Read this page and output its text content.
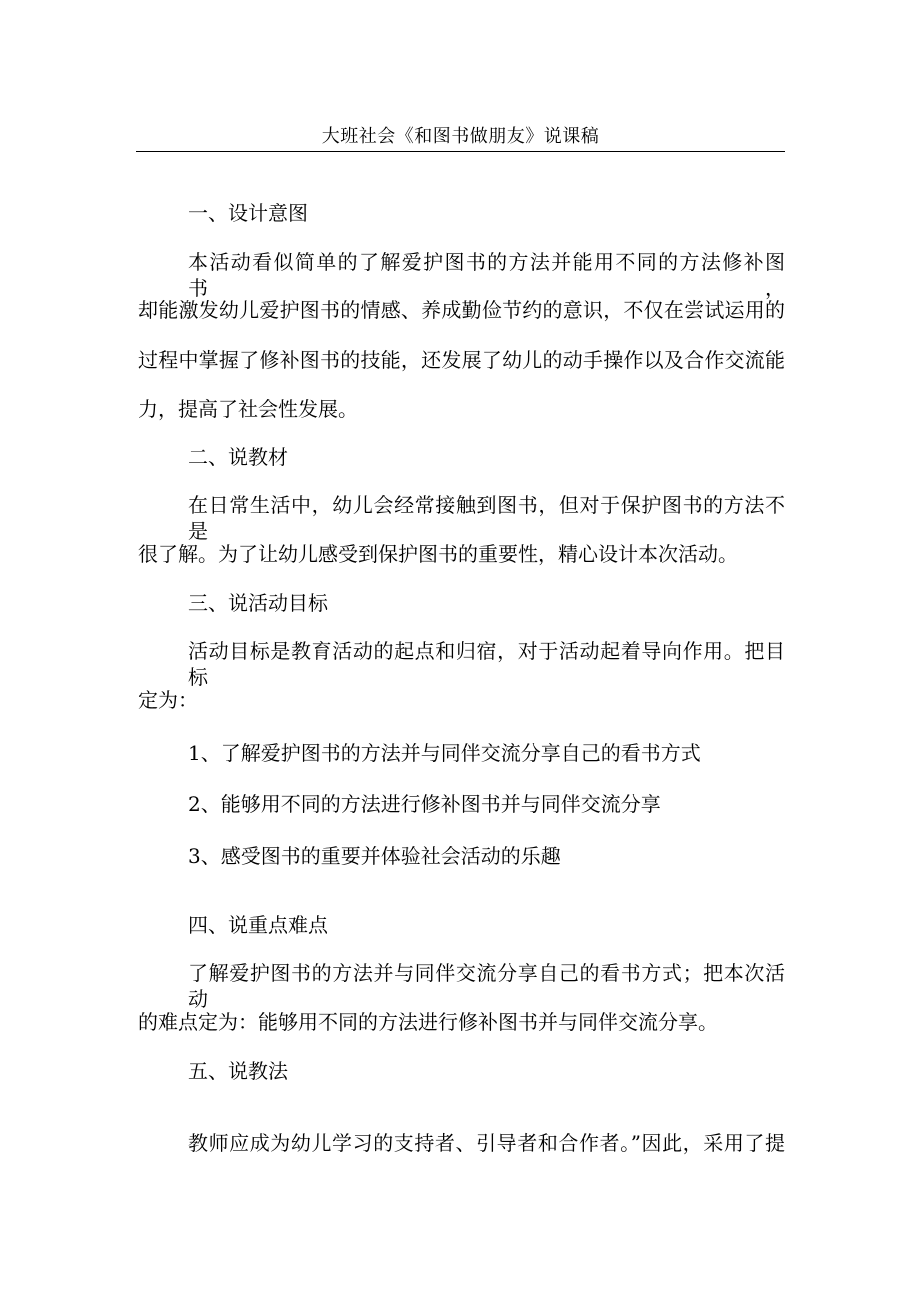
大班社会《和图书做朋友》说课稿
一、设计意图
本活动看似简单的了解爱护图书的方法并能用不同的方法修补图书，
却能激发幼儿爱护图书的情感、养成勤俭节约的意识，不仅在尝试运用的
过程中掌握了修补图书的技能，还发展了幼儿的动手操作以及合作交流能
力，提高了社会性发展。
二、说教材
在日常生活中，幼儿会经常接触到图书，但对于保护图书的方法不是
很了解。为了让幼儿感受到保护图书的重要性，精心设计本次活动。
三、说活动目标
活动目标是教育活动的起点和归宿，对于活动起着导向作用。把目标
定为：
1、了解爱护图书的方法并与同伴交流分享自己的看书方式
2、能够用不同的方法进行修补图书并与同伴交流分享
3、感受图书的重要并体验社会活动的乐趣
四、说重点难点
了解爱护图书的方法并与同伴交流分享自己的看书方式；把本次活动
的难点定为：能够用不同的方法进行修补图书并与同伴交流分享。
五、说教法
教师应成为幼儿学习的支持者、引导者和合作者。”因此，采用了提
